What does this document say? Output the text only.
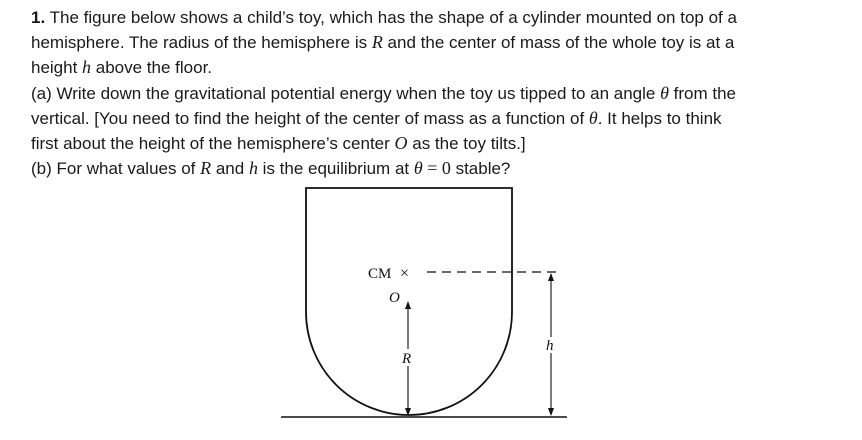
1. The figure below shows a child’s toy, which has the shape of a cylinder mounted on top of a
hemisphere. The radius of the hemisphere is R and the center of mass of the whole toy is at a
height h above the floor.
(a) Write down the gravitational potential energy when the toy us tipped to an angle θ from the
vertical. [You need to find the height of the center of mass as a function of θ. It helps to think
first about the height of the hemisphere’s center O as the toy tilts.]
(b) For what values of R and h is the equilibrium at θ = 0 stable?
CM ×
O
R
h
